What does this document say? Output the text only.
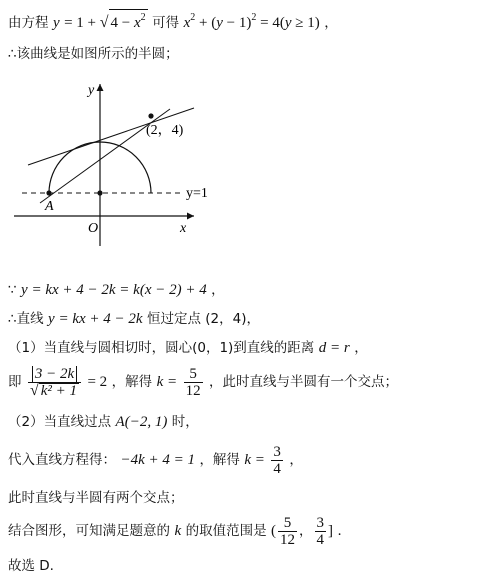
由方程 y = 1 + √ $4 - x^2$ 可得 $x^2 + (y - 1)^2 = 4(y \ge 1)$ ，
∴该曲线是如图所示的半圆；
y
x
O
A
(2，4)
y=1
∵ y = kx + 4 − 2k = k(x − 2) + 4 ，
∴直线 y = kx + 4 − 2k 恒过定点 (2，4)，
（1）当直线与圆相切时，圆心(0，1)到直线的距离 d = r ，
即 $\frac{3 - 2k}{\text{√ k² + 1}} = 2$ ，解得 $k = \frac{5}{12}$ ，此时直线与半圆有一个交点；
（2）当直线过点 A(−2, 1) 时，
代入直线方程得： −4k + 4 = 1 ，解得 $k = \frac{3}{4}$ ，
此时直线与半圆有两个交点；
结合图形，可知满足题意的 k 的取值范围是 ( $\frac{5}{12}$ ， $\frac{3}{4}$ ] ．
故选 D.
